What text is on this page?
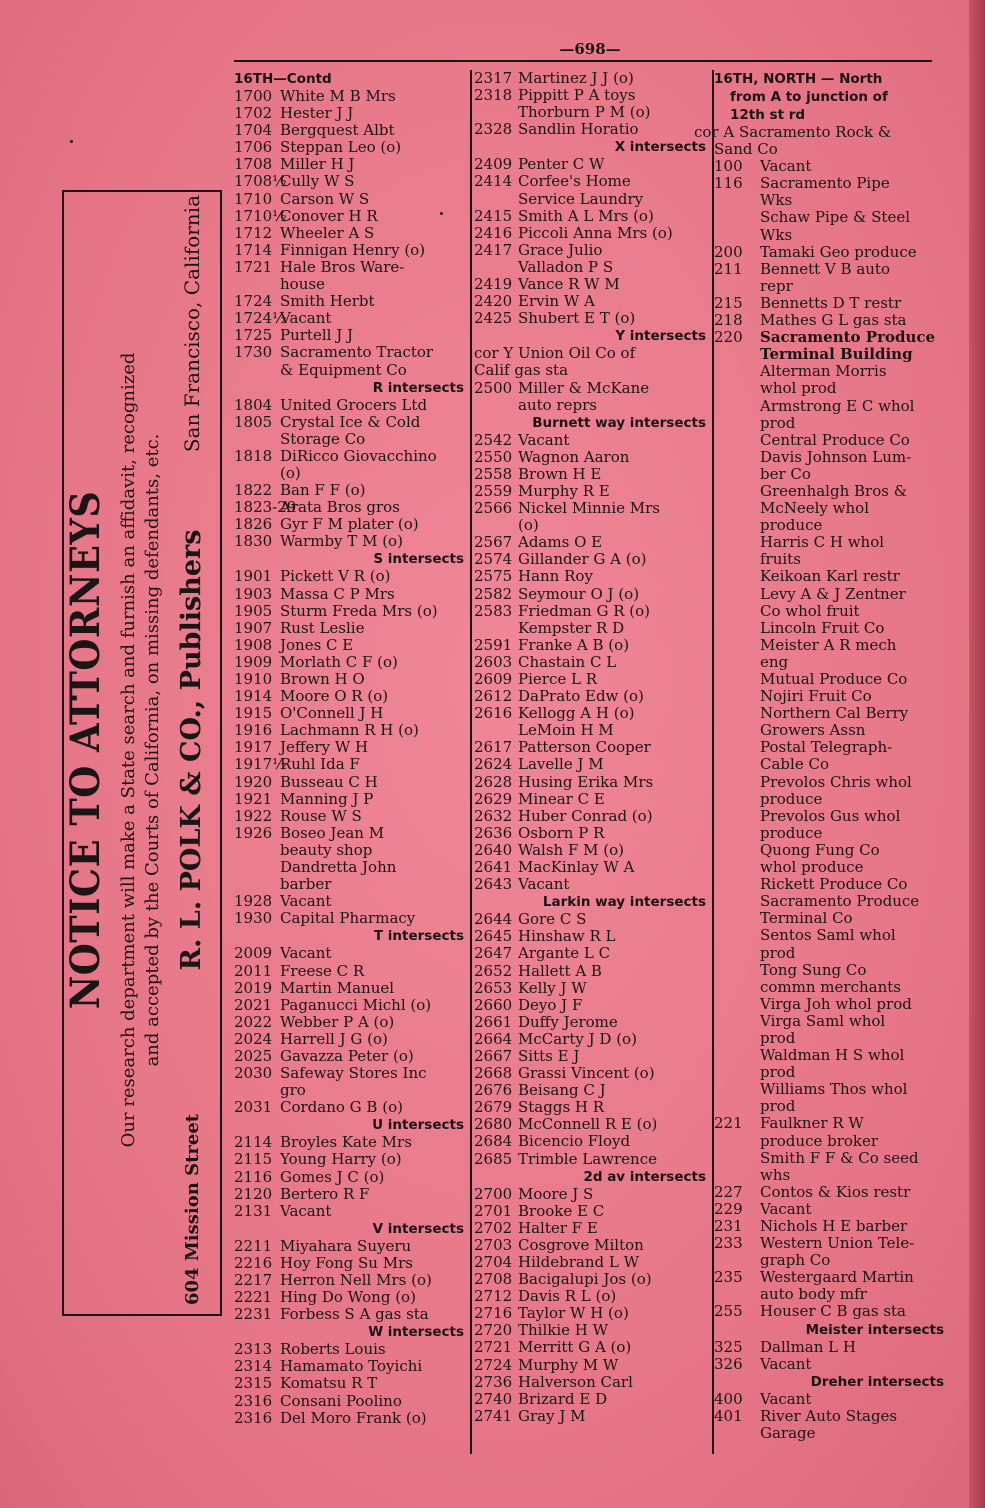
—698—
NOTICE TO ATTORNEYS Our research department will make a State search and furnish an affidavit, recognized and accepted by the Courts of California, on missing defendants, etc.
604 Mission Street
R. L. POLK & CO., Publishers
San Francisco, California
16TH—Contd
1700 White M B Mrs
1702 Hester J J
1704 Bergquest Albt
1706 Steppan Leo (o)
1708 Miller H J
1708½
Cully W S
1710 Carson W S
1710½
Conover H R
1712 Wheeler A S
1714 Finnigan Henry (o)
1721 Hale Bros Ware-
house
1724 Smith Herbt
1724½
Vacant
1725 Purtell J J
1730 Sacramento Tractor
& Equipment Co
R intersects
1804 United Grocers Ltd
1805 Crystal Ice & Cold
Storage Co
1818 DiRicco Giovacchino
(o)
1822 Ban F F (o)
1823-29
Arata Bros gros
1826 Gyr F M plater (o)
1830 Warmby T M (o)
S intersects
1901 Pickett V R (o)
1903 Massa C P Mrs
1905 Sturm Freda Mrs (o)
1907 Rust Leslie
1908 Jones C E
1909 Morlath C F (o)
1910 Brown H O
1914 Moore O R (o)
1915 O'Connell J H
1916 Lachmann R H (o)
1917 Jeffery W H
1917½
Ruhl Ida F
1920 Busseau C H
1921 Manning J P
1922 Rouse W S
1926 Boseo Jean M
beauty shop
Dandretta John
barber
1928 Vacant
1930 Capital Pharmacy
T intersects
2009 Vacant
2011 Freese C R
2019 Martin Manuel
2021 Paganucci Michl (o)
2022 Webber P A (o)
2024 Harrell J G (o)
2025 Gavazza Peter (o)
2030 Safeway Stores Inc
gro
2031 Cordano G B (o)
U intersects
2114 Broyles Kate Mrs
2115 Young Harry (o)
2116 Gomes J C (o)
2120 Bertero R F
2131 Vacant
V intersects
2211 Miyahara Suyeru
2216 Hoy Fong Su Mrs
2217 Herron Nell Mrs (o)
2221 Hing Do Wong (o)
2231 Forbess S A gas sta
W intersects
2313 Roberts Louis
2314 Hamamato Toyichi
2315 Komatsu R T
2316 Consani Poolino
2316 Del Moro Frank (o)
2317 Martinez J J (o)
2318 Pippitt P A toys
Thorburn P M (o)
2328 Sandlin Horatio
X intersects
2409 Penter C W
2414 Corfee's Home
Service Laundry
2415 Smith A L Mrs (o)
2416 Piccoli Anna Mrs (o)
2417 Grace Julio
Valladon P S
2419 Vance R W M
2420 Ervin W A
2425 Shubert E T (o)
Y intersects
cor Y Union Oil Co of
Calif gas sta
2500 Miller & McKane
auto reprs
Burnett way intersects
2542 Vacant
2550 Wagnon Aaron
2558 Brown H E
2559 Murphy R E
2566 Nickel Minnie Mrs
(o)
2567 Adams O E
2574 Gillander G A (o)
2575 Hann Roy
2582 Seymour O J (o)
2583 Friedman G R (o)
Kempster R D
2591 Franke A B (o)
2603 Chastain C L
2609 Pierce L R
2612 DaPrato Edw (o)
2616 Kellogg A H (o)
LeMoin H M
2617 Patterson Cooper
2624 Lavelle J M
2628 Husing Erika Mrs
2629 Minear C E
2632 Huber Conrad (o)
2636 Osborn P R
2640 Walsh F M (o)
2641 MacKinlay W A
2643 Vacant
Larkin way intersects
2644 Gore C S
2645 Hinshaw R L
2647 Argante L C
2652 Hallett A B
2653 Kelly J W
2660 Deyo J F
2661 Duffy Jerome
2664 McCarty J D (o)
2667 Sitts E J
2668 Grassi Vincent (o)
2676 Beisang C J
2679 Staggs H R
2680 McConnell R E (o)
2684 Bicencio Floyd
2685 Trimble Lawrence
2d av intersects
2700 Moore J S
2701 Brooke E C
2702 Halter F E
2703 Cosgrove Milton
2704 Hildebrand L W
2708 Bacigalupi Jos (o)
2712 Davis R L (o)
2716 Taylor W H (o)
2720 Thilkie H W
2721 Merritt G A (o)
2724 Murphy M W
2736 Halverson Carl
2740 Brizard E D
2741 Gray J M
16TH, NORTH — North
from A to junction of
12th st rd
cor A Sacramento Rock &
Sand Co
100 Vacant
116 Sacramento Pipe
Wks
Schaw Pipe & Steel
Wks
200 Tamaki Geo produce
211 Bennett V B auto
repr
215 Bennetts D T restr
218 Mathes G L gas sta
220 Sacramento Produce
Terminal Building
Alterman Morris
whol prod
Armstrong E C whol
prod
Central Produce Co
Davis Johnson Lum-
ber Co
Greenhalgh Bros &
McNeely whol
produce
Harris C H whol
fruits
Keikoan Karl restr
Levy A & J Zentner
Co whol fruit
Lincoln Fruit Co
Meister A R mech
eng
Mutual Produce Co
Nojiri Fruit Co
Northern Cal Berry
Growers Assn
Postal Telegraph-
Cable Co
Prevolos Chris whol
produce
Prevolos Gus whol
produce
Quong Fung Co
whol produce
Rickett Produce Co
Sacramento Produce
Terminal Co
Sentos Saml whol
prod
Tong Sung Co
commn merchants
Virga Joh whol prod
Virga Saml whol
prod
Waldman H S whol
prod
Williams Thos whol
prod
221 Faulkner R W
produce broker
Smith F F & Co seed
whs
227 Contos & Kios restr
229 Vacant
231 Nichols H E barber
233 Western Union Tele-
graph Co
235 Westergaard Martin
auto body mfr
255 Houser C B gas sta
Meister intersects
325 Dallman L H
326 Vacant
Dreher intersects
400 Vacant
401 River Auto Stages
Garage
